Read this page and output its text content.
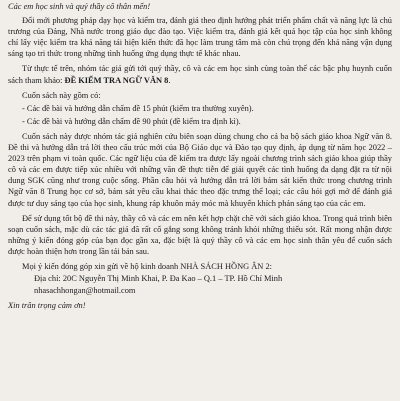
Các em học sinh và quý thầy cô thân mến!

Đổi mới phương pháp dạy học và kiểm tra, đánh giá theo định hướng phát triển phẩm chất và năng lực là chủ trương của Đảng, Nhà nước trong giáo dục đào tạo. Việc kiểm tra, đánh giá kết quả học tập của học sinh không chỉ lấy việc kiểm tra khả năng tái hiện kiến thức đã học làm trung tâm mà còn chú trọng đến khả năng vận dụng sáng tạo tri thức trong những tình huống ứng dụng thực tế khác nhau.

Từ thực tế trên, nhóm tác giả gửi tới quý thầy, cô và các em học sinh cùng toàn thể các bậc phụ huynh cuốn sách tham khảo: ĐỀ KIỂM TRA NGỮ VĂN 8.

Cuốn sách này gồm có:

- Các đề bài và hướng dẫn chấm đề 15 phút (kiểm tra thường xuyên).
- Các đề bài và hướng dẫn chấm đề 90 phút (đề kiểm tra định kì).

Cuốn sách này được nhóm tác giả nghiên cứu biên soạn dùng chung cho cả ba bộ sách giáo khoa Ngữ văn 8. Đề thi và hướng dẫn trả lời theo cấu trúc mới của Bộ Giáo dục và Đào tạo quy định, áp dụng từ năm học 2022 – 2023 trên phạm vi toàn quốc. Các ngữ liệu của đề kiểm tra được lấy ngoài chương trình sách giáo khoa giúp thầy cô và các em được tiếp xúc nhiều với những văn đề thực tiễn để giải quyết các tình huống đa dạng đặt ra từ nội dung SGK cũng như trong cuộc sống. Phần câu hỏi và hướng dẫn trả lời bám sát kiến thức trong chương trình Ngữ văn 8 Trung học cơ sở, bám sát yêu cầu khai thác theo đặc trưng thể loại; các câu hỏi gợi mở để đánh giá được tư duy sáng tạo của học sinh, khung ráp khuôn máy móc mà khuyến khích phản sáng tạo của các em.

Để sử dụng tốt bộ đề thi này, thầy cô và các em nên kết hợp chặt chẽ với sách giáo khoa. Trong quá trình biên soạn cuốn sách, mặc dù các tác giả đã rất cố gắng song không tránh khỏi những thiếu sót. Rất mong nhận được những ý kiến đóng góp của bạn đọc gần xa, đặc biệt là quý thầy cô và các em học sinh thân yêu để cuốn sách được hoàn thiện hơn trong lần tái bản sau.

Mọi ý kiến đóng góp xin gửi về hộ kinh doanh NHÀ SÁCH HỒNG ÂN 2:

Địa chỉ: 20C Nguyễn Thị Minh Khai, P. Đa Kao – Q.1 – TP. Hồ Chí Minh
nhasachhongan@hotmail.com
Xin trân trọng cảm ơn!
